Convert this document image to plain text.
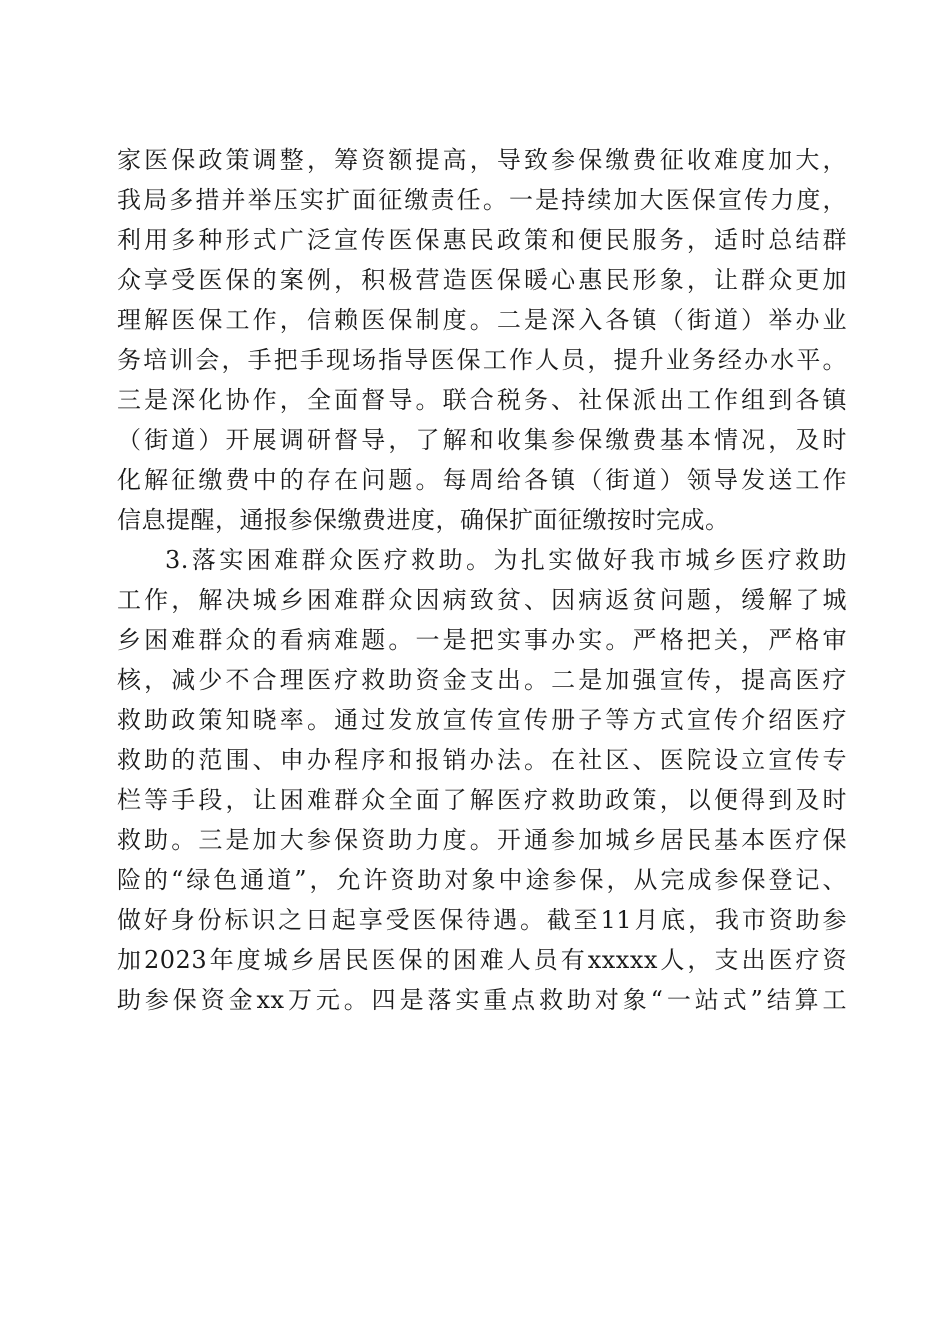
家医保政策调整，筹资额提高，导致参保缴费征收难度加大，
我局多措并举压实扩面征缴责任。一是持续加大医保宣传力度，
利用多种形式广泛宣传医保惠民政策和便民服务，适时总结群
众享受医保的案例，积极营造医保暖心惠民形象，让群众更加
理解医保工作，信赖医保制度。二是深入各镇（街道）举办业
务培训会，手把手现场指导医保工作人员，提升业务经办水平。
三是深化协作，全面督导。联合税务、社保派出工作组到各镇
（街道）开展调研督导，了解和收集参保缴费基本情况，及时
化解征缴费中的存在问题。每周给各镇（街道）领导发送工作
信息提醒，通报参保缴费进度，确保扩面征缴按时完成。
3.落实困难群众医疗救助。为扎实做好我市城乡医疗救助
工作，解决城乡困难群众因病致贫、因病返贫问题，缓解了城
乡困难群众的看病难题。一是把实事办实。严格把关，严格审
核，减少不合理医疗救助资金支出。二是加强宣传，提高医疗
救助政策知晓率。通过发放宣传宣传册子等方式宣传介绍医疗
救助的范围、申办程序和报销办法。在社区、医院设立宣传专
栏等手段，让困难群众全面了解医疗救助政策，以便得到及时
救助。三是加大参保资助力度。开通参加城乡居民基本医疗保
险的“绿色通道”，允许资助对象中途参保，从完成参保登记、
做好身份标识之日起享受医保待遇。截至11月底，我市资助参
加2023年度城乡居民医保的困难人员有xxxxx人，支出医疗资
助参保资金xx万元。四是落实重点救助对象“一站式”结算工
